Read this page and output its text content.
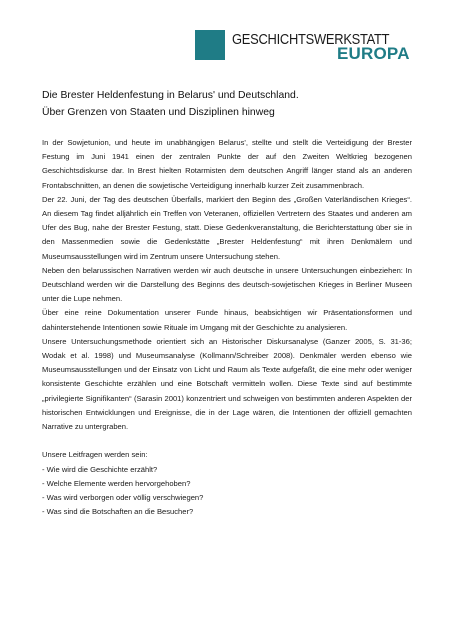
GESCHICHTSWERKSTATT
EUROPA
Die Brester Heldenfestung in Belarus' und Deutschland.
Über Grenzen von Staaten und Disziplinen hinweg

In der Sowjetunion, und heute im unabhängigen Belarus', stellte und stellt die Verteidigung der Brester Festung im Juni 1941 einen der zentralen Punkte der auf den Zweiten Weltkrieg bezogenen Geschichtsdiskurse dar. In Brest hielten Rotarmisten dem deutschen Angriff länger stand als an anderen Frontabschnitten, an denen die sowjetische Verteidigung innerhalb kurzer Zeit zusammenbrach.

Der 22. Juni, der Tag des deutschen Überfalls, markiert den Beginn des „Großen Vaterländischen Krieges“. An diesem Tag findet alljährlich ein Treffen von Veteranen, offiziellen Vertretern des Staates und anderen am Ufer des Bug, nahe der Brester Festung, statt. Diese Gedenkveranstaltung, die Berichterstattung über sie in den Massenmedien sowie die Gedenkstätte „Brester Heldenfestung“ mit ihren Denkmälern und Museumsausstellungen wird im Zentrum unsere Untersuchung stehen.

Neben den belarussischen Narrativen werden wir auch deutsche in unsere Untersuchungen einbeziehen: In Deutschland werden wir die Darstellung des Beginns des deutsch-sowjetischen Krieges in Berliner Museen unter die Lupe nehmen.

Über eine reine Dokumentation unserer Funde hinaus, beabsichtigen wir Präsentationsformen und dahinterstehende Intentionen sowie Rituale im Umgang mit der Geschichte zu analysieren.

Unsere Untersuchungsmethode orientiert sich an Historischer Diskursanalyse (Ganzer 2005, S. 31-36; Wodak et al. 1998) und Museumsanalyse (Kollmann/Schreiber 2008). Denkmäler werden ebenso wie Museumsausstellungen und der Einsatz von Licht und Raum als Texte aufgefaßt, die eine mehr oder weniger konsistente Geschichte erzählen und eine Botschaft vermitteln wollen. Diese Texte sind auf bestimmte „privilegierte Signifikanten“ (Sarasin 2001) konzentriert und schweigen von bestimmten anderen Aspekten der historischen Entwicklungen und Ereignisse, die in der Lage wären, die Intentionen der offiziell gemachten Narrative zu untergraben.

Unsere Leitfragen werden sein:

- Wie wird die Geschichte erzählt?
- Welche Elemente werden hervorgehoben?
- Was wird verborgen oder völlig verschwiegen?
- Was sind die Botschaften an die Besucher?
